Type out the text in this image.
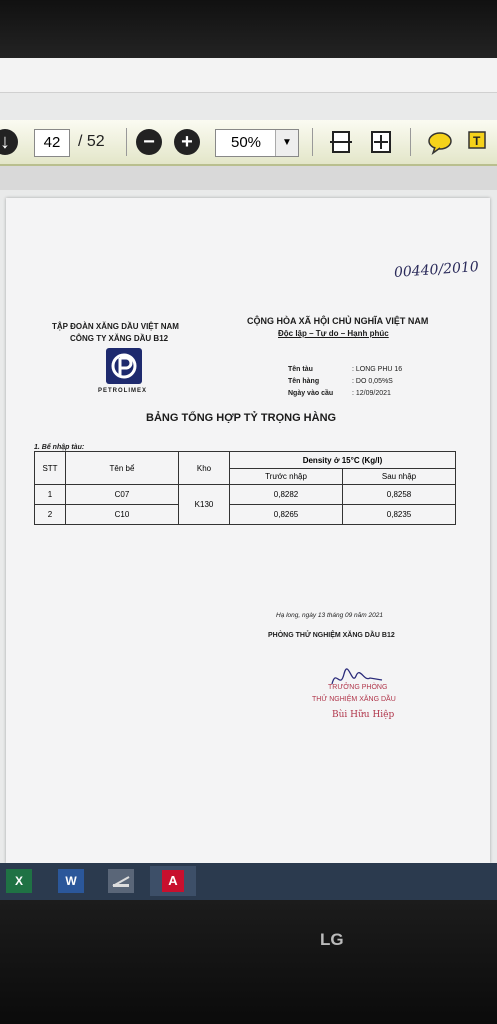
↓	42	/ 52	−	+	50%	▼	T
00440/2010
TẬP ĐOÀN XĂNG DẦU VIỆT NAM
CÔNG TY XĂNG DẦU B12
PETROLIMEX
CỘNG HÒA XÃ HỘI CHỦ NGHĨA VIỆT NAM
Độc lập – Tự do – Hạnh phúc
Tên tàu	: LONG PHU 16
Tên hàng	: DO 0,05%S
Ngày vào cầu	: 12/09/2021
BẢNG TỔNG HỢP TỶ TRỌNG HÀNG
1. Bể nhập tàu:
STT	Tên bể	Kho	Density ở 15°C (Kg/l)	
			Trước nhập	Sau nhập
1	C07	K130	0,8282	0,8258
2	C10		0,8265	0,8235
Hạ long, ngày 13 tháng 09 năm 2021
PHÒNG THỬ NGHIỆM XĂNG DẦU B12
TRƯỞNG PHÒNG
THỬ NGHIỆM XĂNG DẦU
Bùi Hữu Hiệp
X	W	A
LG
